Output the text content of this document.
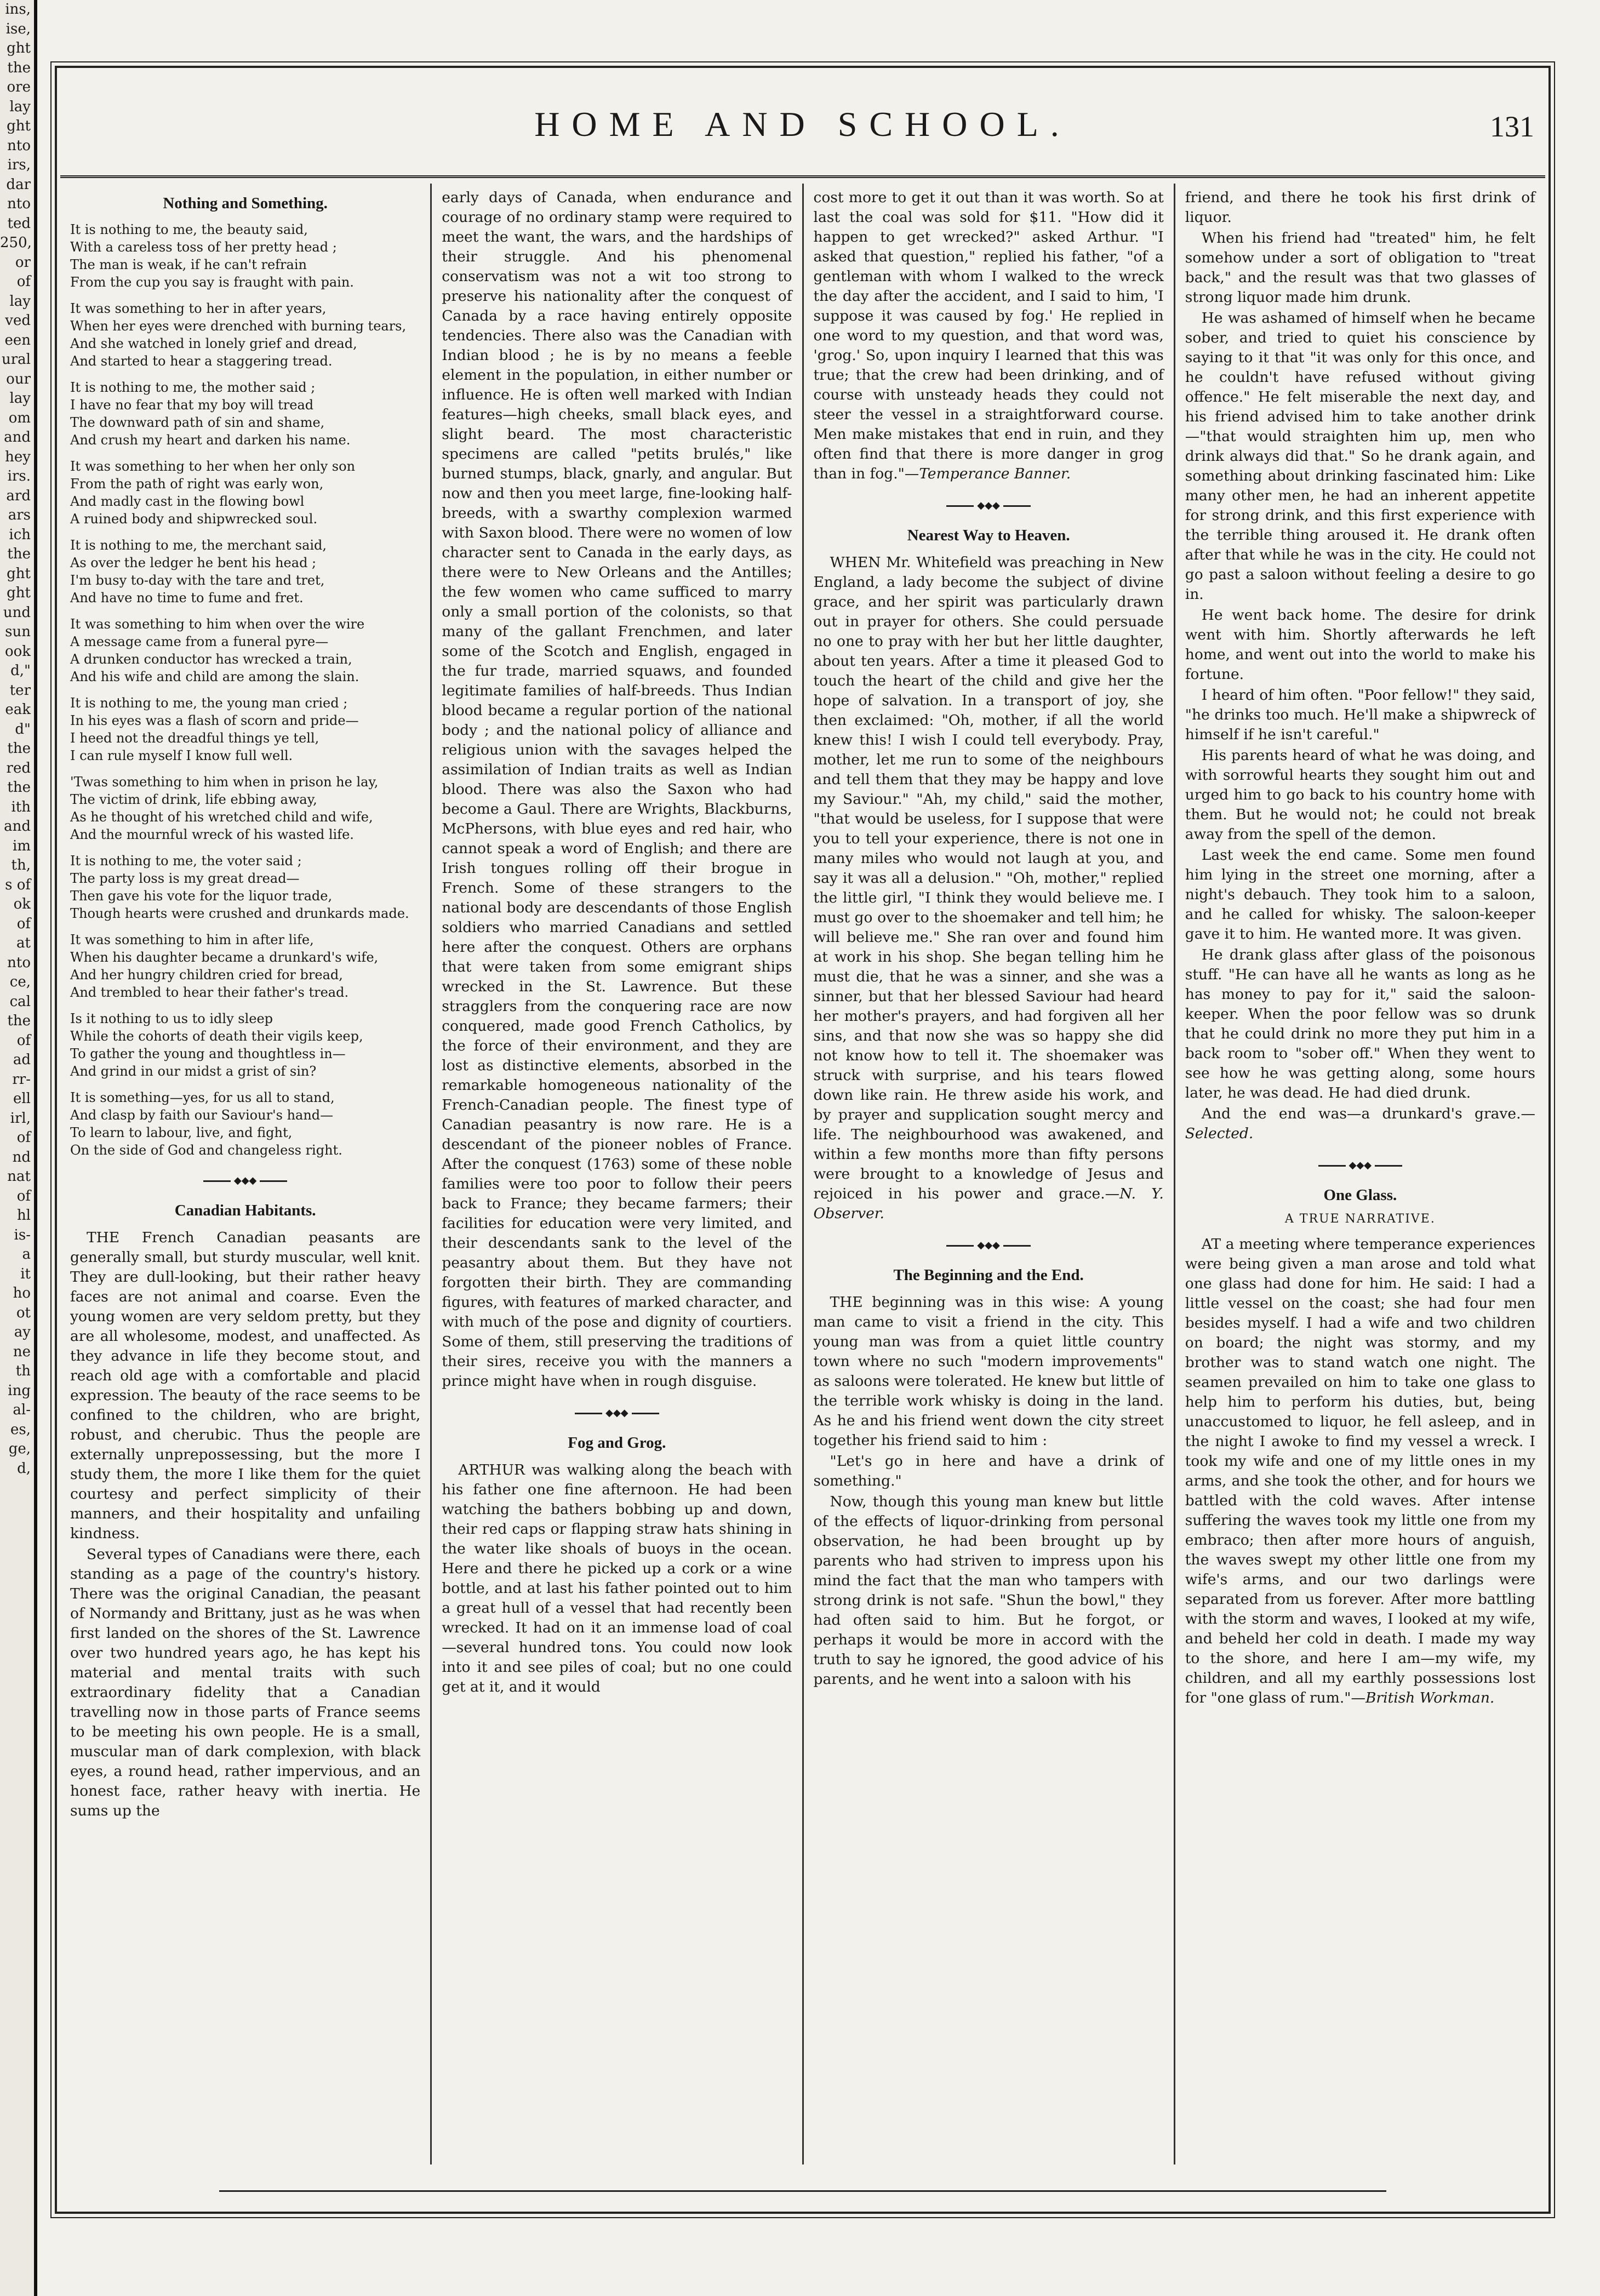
ins,
ise,
ght
the
ore
lay
ght
nto
irs,
dar
nto
ted
250,
or
of
lay
ved
een
ural
our
lay
om
and
hey
irs.
ard
ars
ich
the
ght
ght
und
sun
ook
d,"
ter
eak
d"
the
red
the
ith
and
im
th,
s of
ok
of
at
nto
ce,
cal
the
of
ad
rr-
ell
irl,
of
nd
nat
of
hl
is-
a
it
ho
ot
ay
ne
th
ing
al-
es,
ge,
d,
HOME AND SCHOOL.	131
Nothing and Something.

It is nothing to me, the beauty said,
With a careless toss of her pretty head ;
The man is weak, if he can't refrain
From the cup you say is fraught with pain.

It was something to her in after years,
When her eyes were drenched with burning tears,
And she watched in lonely grief and dread,
And started to hear a staggering tread.

It is nothing to me, the mother said ;
I have no fear that my boy will tread
The downward path of sin and shame,
And crush my heart and darken his name.

It was something to her when her only son
From the path of right was early won,
And madly cast in the flowing bowl
A ruined body and shipwrecked soul.

It is nothing to me, the merchant said,
As over the ledger he bent his head ;
I'm busy to-day with the tare and tret,
And have no time to fume and fret.

It was something to him when over the wire
A message came from a funeral pyre—
A drunken conductor has wrecked a train,
And his wife and child are among the slain.

It is nothing to me, the young man cried ;
In his eyes was a flash of scorn and pride—
I heed not the dreadful things ye tell,
I can rule myself I know full well.

'Twas something to him when in prison he lay,
The victim of drink, life ebbing away,
As he thought of his wretched child and wife,
And the mournful wreck of his wasted life.

It is nothing to me, the voter said ;
The party loss is my great dread—
Then gave his vote for the liquor trade,
Though hearts were crushed and drunkards made.

It was something to him in after life,
When his daughter became a drunkard's wife,
And her hungry children cried for bread,
And trembled to hear their father's tread.

Is it nothing to us to idly sleep
While the cohorts of death their vigils keep,
To gather the young and thoughtless in—
And grind in our midst a grist of sin?

It is something—yes, for us all to stand,
And clasp by faith our Saviour's hand—
To learn to labour, live, and fight,
On the side of God and changeless right.

◆◆◆
Canadian Habitants.

THE French Canadian peasants are generally small, but sturdy muscular, well knit. They are dull-looking, but their rather heavy faces are not animal and coarse. Even the young women are very seldom pretty, but they are all wholesome, modest, and unaffected. As they advance in life they become stout, and reach old age with a comfortable and placid expression. The beauty of the race seems to be confined to the children, who are bright, robust, and cherubic. Thus the people are externally unprepossessing, but the more I study them, the more I like them for the quiet courtesy and perfect simplicity of their manners, and their hospitality and unfailing kindness.

Several types of Canadians were there, each standing as a page of the country's history. There was the original Canadian, the peasant of Normandy and Brittany, just as he was when first landed on the shores of the St. Lawrence over two hundred years ago, he has kept his material and mental traits with such extraordinary fidelity that a Canadian travelling now in those parts of France seems to be meeting his own people. He is a small, muscular man of dark complexion, with black eyes, a round head, rather impervious, and an honest face, rather heavy with inertia. He sums up the

early days of Canada, when endurance and courage of no ordinary stamp were required to meet the want, the wars, and the hardships of their struggle. And his phenomenal conservatism was not a wit too strong to preserve his nationality after the conquest of Canada by a race having entirely opposite tendencies. There also was the Canadian with Indian blood ; he is by no means a feeble element in the population, in either number or influence. He is often well marked with Indian features—high cheeks, small black eyes, and slight beard. The most characteristic specimens are called "petits brulés," like burned stumps, black, gnarly, and angular. But now and then you meet large, fine-looking half-breeds, with a swarthy complexion warmed with Saxon blood. There were no women of low character sent to Canada in the early days, as there were to New Orleans and the Antilles; the few women who came sufficed to marry only a small portion of the colonists, so that many of the gallant Frenchmen, and later some of the Scotch and English, engaged in the fur trade, married squaws, and founded legitimate families of half-breeds. Thus Indian blood became a regular portion of the national body ; and the national policy of alliance and religious union with the savages helped the assimilation of Indian traits as well as Indian blood. There was also the Saxon who had become a Gaul. There are Wrights, Blackburns, McPhersons, with blue eyes and red hair, who cannot speak a word of English; and there are Irish tongues rolling off their brogue in French. Some of these strangers to the national body are descendants of those English soldiers who married Canadians and settled here after the conquest. Others are orphans that were taken from some emigrant ships wrecked in the St. Lawrence. But these stragglers from the conquering race are now conquered, made good French Catholics, by the force of their environment, and they are lost as distinctive elements, absorbed in the remarkable homogeneous nationality of the French-Canadian people. The finest type of Canadian peasantry is now rare. He is a descendant of the pioneer nobles of France. After the conquest (1763) some of these noble families were too poor to follow their peers back to France; they became farmers; their facilities for education were very limited, and their descendants sank to the level of the peasantry about them. But they have not forgotten their birth. They are commanding figures, with features of marked character, and with much of the pose and dignity of courtiers. Some of them, still preserving the traditions of their sires, receive you with the manners a prince might have when in rough disguise.

◆◆◆
Fog and Grog.

ARTHUR was walking along the beach with his father one fine afternoon. He had been watching the bathers bobbing up and down, their red caps or flapping straw hats shining in the water like shoals of buoys in the ocean. Here and there he picked up a cork or a wine bottle, and at last his father pointed out to him a great hull of a vessel that had recently been wrecked. It had on it an immense load of coal—several hundred tons. You could now look into it and see piles of coal; but no one could get at it, and it would

cost more to get it out than it was worth. So at last the coal was sold for $11. "How did it happen to get wrecked?" asked Arthur. "I asked that question," replied his father, "of a gentleman with whom I walked to the wreck the day after the accident, and I said to him, 'I suppose it was caused by fog.' He replied in one word to my question, and that word was, 'grog.' So, upon inquiry I learned that this was true; that the crew had been drinking, and of course with unsteady heads they could not steer the vessel in a straightforward course. Men make mistakes that end in ruin, and they often find that there is more danger in grog than in fog."—Temperance Banner.

◆◆◆
Nearest Way to Heaven.

WHEN Mr. Whitefield was preaching in New England, a lady become the subject of divine grace, and her spirit was particularly drawn out in prayer for others. She could persuade no one to pray with her but her little daughter, about ten years. After a time it pleased God to touch the heart of the child and give her the hope of salvation. In a transport of joy, she then exclaimed: "Oh, mother, if all the world knew this! I wish I could tell everybody. Pray, mother, let me run to some of the neighbours and tell them that they may be happy and love my Saviour." "Ah, my child," said the mother, "that would be useless, for I suppose that were you to tell your experience, there is not one in many miles who would not laugh at you, and say it was all a delusion." "Oh, mother," replied the little girl, "I think they would believe me. I must go over to the shoemaker and tell him; he will believe me." She ran over and found him at work in his shop. She began telling him he must die, that he was a sinner, and she was a sinner, but that her blessed Saviour had heard her mother's prayers, and had forgiven all her sins, and that now she was so happy she did not know how to tell it. The shoemaker was struck with surprise, and his tears flowed down like rain. He threw aside his work, and by prayer and supplication sought mercy and life. The neighbourhood was awakened, and within a few months more than fifty persons were brought to a knowledge of Jesus and rejoiced in his power and grace.—N. Y. Observer.

◆◆◆
The Beginning and the End.

THE beginning was in this wise: A young man came to visit a friend in the city. This young man was from a quiet little country town where no such "modern improvements" as saloons were tolerated. He knew but little of the terrible work whisky is doing in the land. As he and his friend went down the city street together his friend said to him :

"Let's go in here and have a drink of something."

Now, though this young man knew but little of the effects of liquor-drinking from personal observation, he had been brought up by parents who had striven to impress upon his mind the fact that the man who tampers with strong drink is not safe. "Shun the bowl," they had often said to him. But he forgot, or perhaps it would be more in accord with the truth to say he ignored, the good advice of his parents, and he went into a saloon with his

friend, and there he took his first drink of liquor.

When his friend had "treated" him, he felt somehow under a sort of obligation to "treat back," and the result was that two glasses of strong liquor made him drunk.

He was ashamed of himself when he became sober, and tried to quiet his conscience by saying to it that "it was only for this once, and he couldn't have refused without giving offence." He felt miserable the next day, and his friend advised him to take another drink—"that would straighten him up, men who drink always did that." So he drank again, and something about drinking fascinated him: Like many other men, he had an inherent appetite for strong drink, and this first experience with the terrible thing aroused it. He drank often after that while he was in the city. He could not go past a saloon without feeling a desire to go in.

He went back home. The desire for drink went with him. Shortly afterwards he left home, and went out into the world to make his fortune.

I heard of him often. "Poor fellow!" they said, "he drinks too much. He'll make a shipwreck of himself if he isn't careful."

His parents heard of what he was doing, and with sorrowful hearts they sought him out and urged him to go back to his country home with them. But he would not; he could not break away from the spell of the demon.

Last week the end came. Some men found him lying in the street one morning, after a night's debauch. They took him to a saloon, and he called for whisky. The saloon-keeper gave it to him. He wanted more. It was given.

He drank glass after glass of the poisonous stuff. "He can have all he wants as long as he has money to pay for it," said the saloon-keeper. When the poor fellow was so drunk that he could drink no more they put him in a back room to "sober off." When they went to see how he was getting along, some hours later, he was dead. He had died drunk.

And the end was—a drunkard's grave.—Selected.

◆◆◆
One Glass.
A TRUE NARRATIVE.

AT a meeting where temperance experiences were being given a man arose and told what one glass had done for him. He said: I had a little vessel on the coast; she had four men besides myself. I had a wife and two children on board; the night was stormy, and my brother was to stand watch one night. The seamen prevailed on him to take one glass to help him to perform his duties, but, being unaccustomed to liquor, he fell asleep, and in the night I awoke to find my vessel a wreck. I took my wife and one of my little ones in my arms, and she took the other, and for hours we battled with the cold waves. After intense suffering the waves took my little one from my embraco; then after more hours of anguish, the waves swept my other little one from my wife's arms, and our two darlings were separated from us forever. After more battling with the storm and waves, I looked at my wife, and beheld her cold in death. I made my way to the shore, and here I am—my wife, my children, and all my earthly possessions lost for "one glass of rum."—British Workman.
